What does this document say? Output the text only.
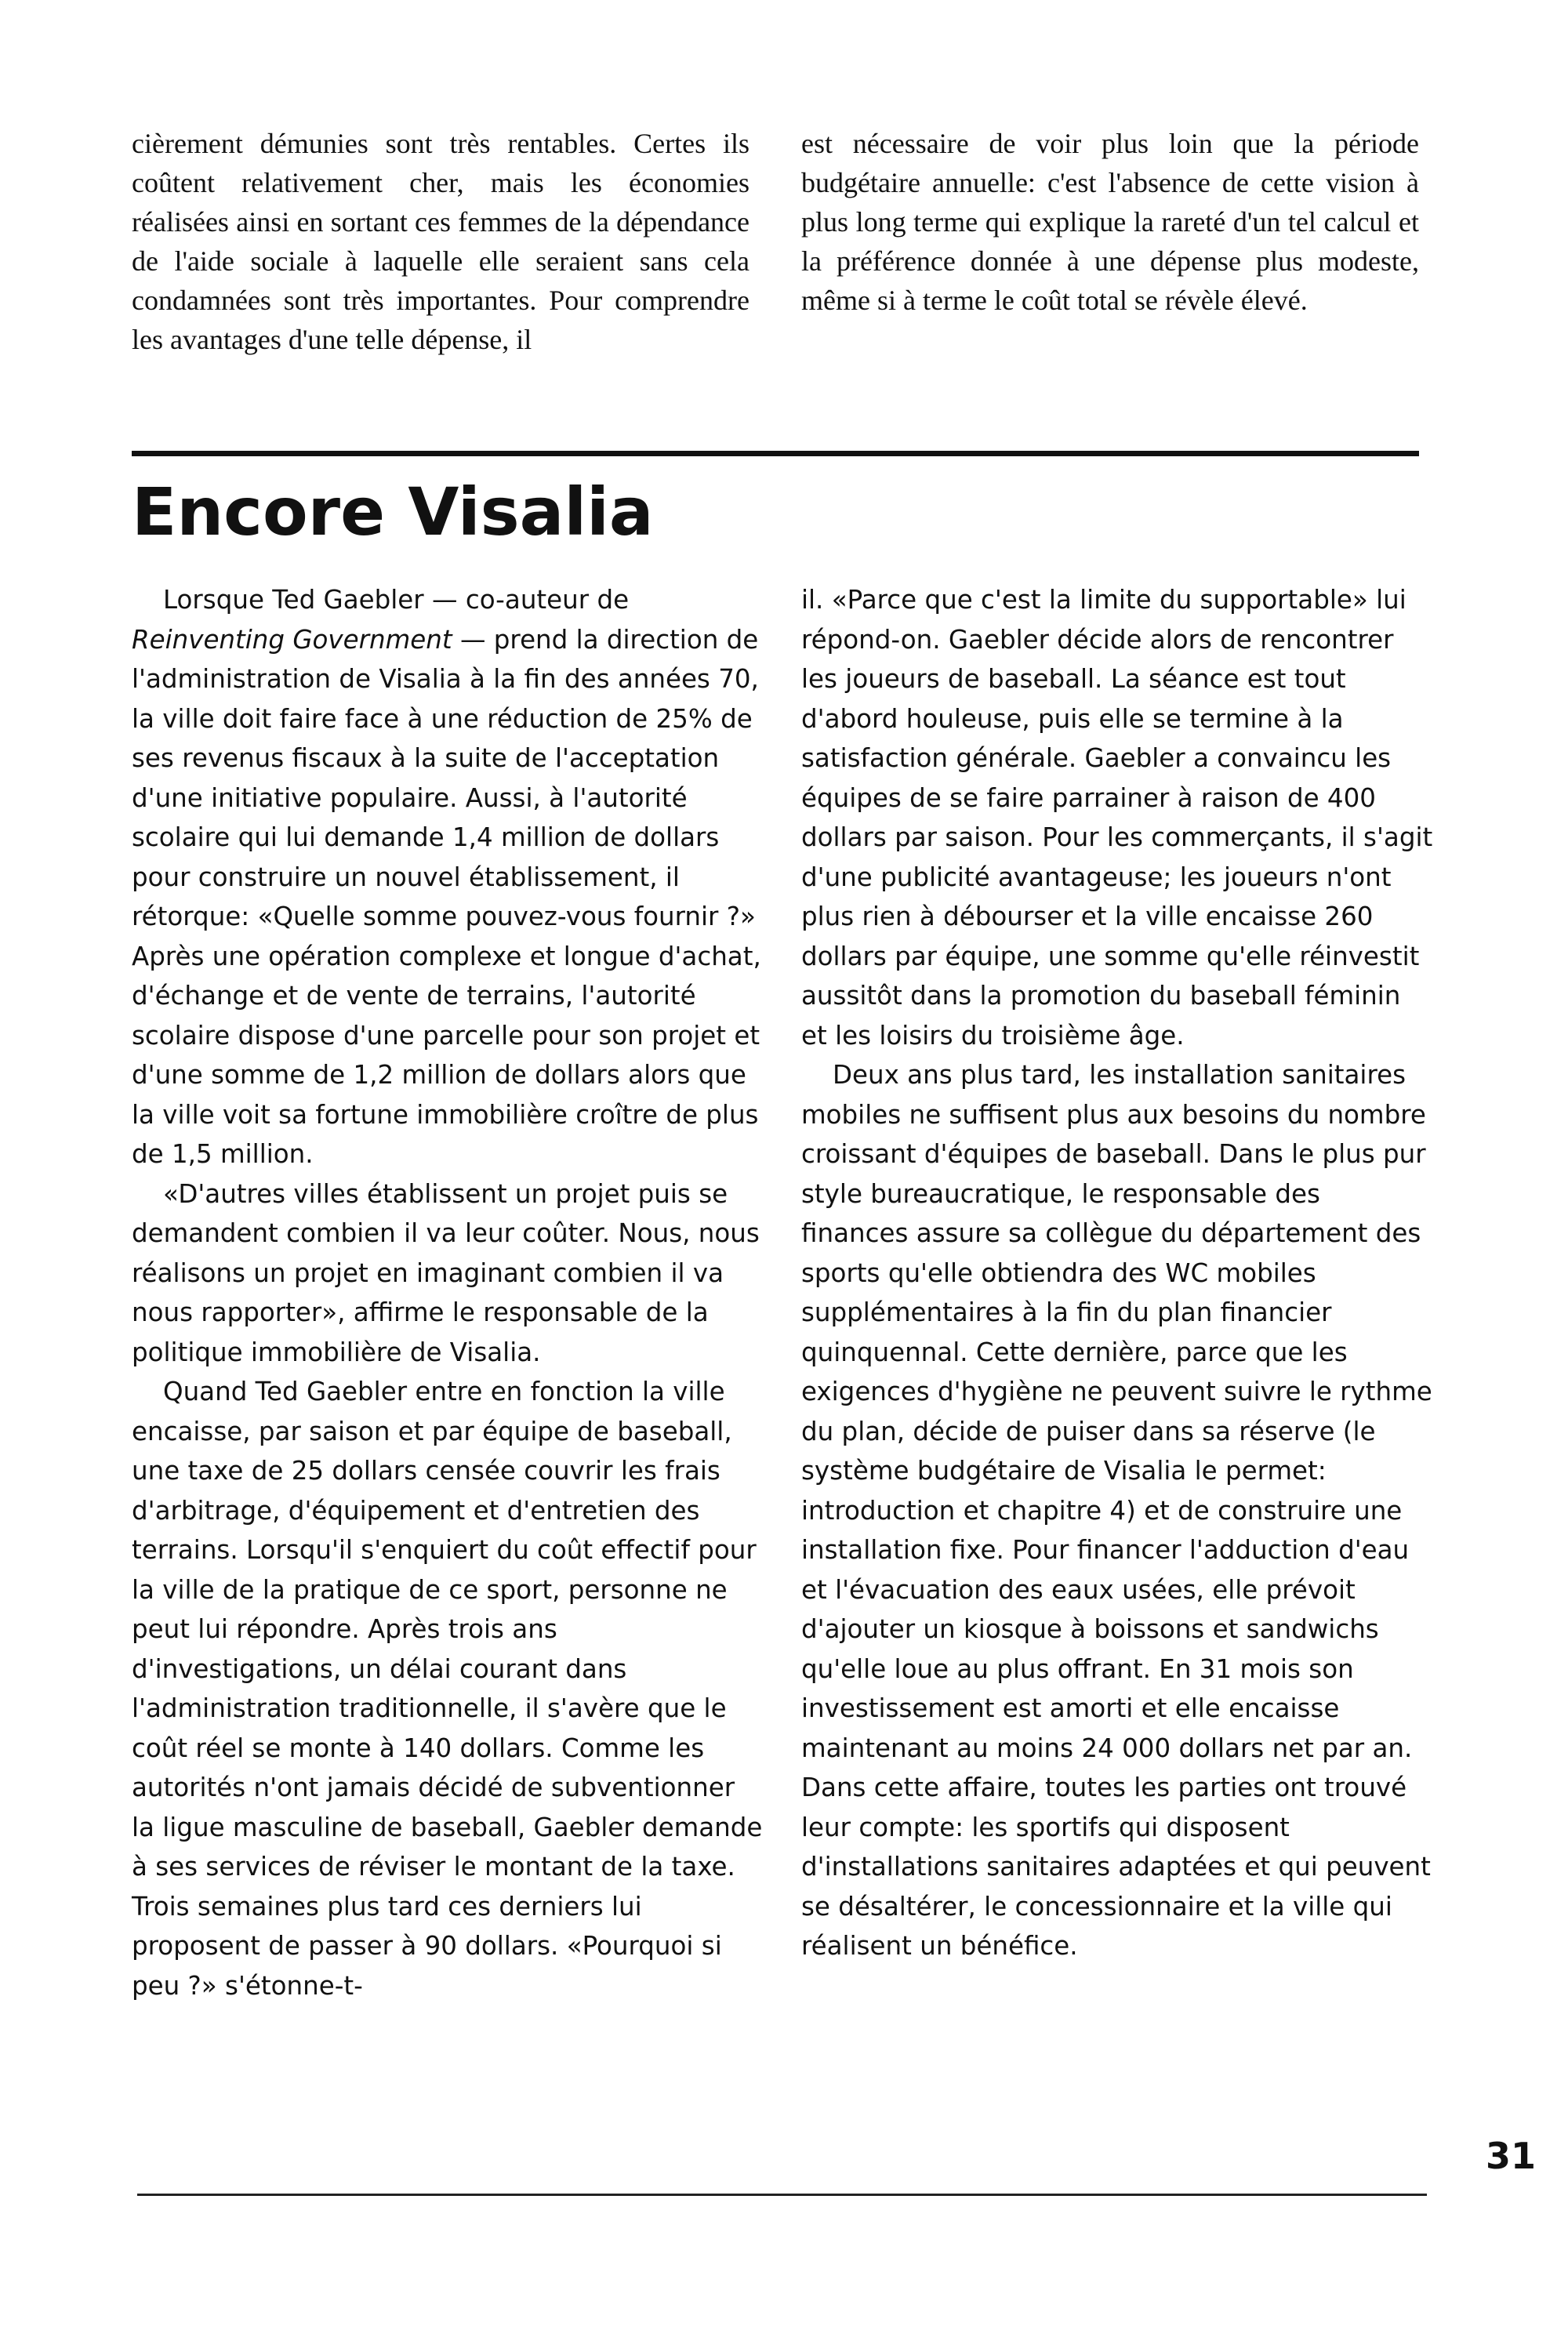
cièrement démunies sont très rentables. Certes ils coûtent relativement cher, mais les économies réalisées ainsi en sortant ces femmes de la dépendance de l'aide sociale à laquelle elle seraient sans cela condamnées sont très importantes. Pour comprendre les avantages d'une telle dépense, il

est nécessaire de voir plus loin que la période budgétaire annuelle: c'est l'absence de cette vision à plus long terme qui explique la rareté d'un tel calcul et la préférence donnée à une dépense plus modeste, même si à terme le coût total se révèle élevé.

Encore Visalia

Lorsque Ted Gaebler — co-auteur de Reinventing Government — prend la direction de l'administration de Visalia à la fin des années 70, la ville doit faire face à une réduction de 25% de ses revenus fiscaux à la suite de l'acceptation d'une initiative populaire. Aussi, à l'autorité scolaire qui lui demande 1,4 million de dollars pour construire un nouvel établissement, il rétorque: «Quelle somme pouvez-vous fournir ?» Après une opération complexe et longue d'achat, d'échange et de vente de terrains, l'autorité scolaire dispose d'une parcelle pour son projet et d'une somme de 1,2 million de dollars alors que la ville voit sa fortune immobilière croître de plus de 1,5 million.

«D'autres villes établissent un projet puis se demandent combien il va leur coûter. Nous, nous réalisons un projet en imaginant combien il va nous rapporter», affirme le responsable de la politique immobilière de Visalia.

Quand Ted Gaebler entre en fonction la ville encaisse, par saison et par équipe de baseball, une taxe de 25 dollars censée couvrir les frais d'arbitrage, d'équipement et d'entretien des terrains. Lorsqu'il s'enquiert du coût effectif pour la ville de la pratique de ce sport, personne ne peut lui répondre. Après trois ans d'investigations, un délai courant dans l'administration traditionnelle, il s'avère que le coût réel se monte à 140 dollars. Comme les autorités n'ont jamais décidé de subventionner la ligue masculine de baseball, Gaebler demande à ses services de réviser le montant de la taxe. Trois semaines plus tard ces derniers lui proposent de passer à 90 dollars. «Pourquoi si peu ?» s'étonne-t-

il. «Parce que c'est la limite du supportable» lui répond-on. Gaebler décide alors de rencontrer les joueurs de baseball. La séance est tout d'abord houleuse, puis elle se termine à la satisfaction générale. Gaebler a convaincu les équipes de se faire parrainer à raison de 400 dollars par saison. Pour les commerçants, il s'agit d'une publicité avantageuse; les joueurs n'ont plus rien à débourser et la ville encaisse 260 dollars par équipe, une somme qu'elle réinvestit aussitôt dans la promotion du baseball féminin et les loisirs du troisième âge.

Deux ans plus tard, les installation sanitaires mobiles ne suffisent plus aux besoins du nombre croissant d'équipes de baseball. Dans le plus pur style bureaucratique, le responsable des finances assure sa collègue du département des sports qu'elle obtiendra des WC mobiles supplémentaires à la fin du plan financier quinquennal. Cette dernière, parce que les exigences d'hygiène ne peuvent suivre le rythme du plan, décide de puiser dans sa réserve (le système budgétaire de Visalia le permet: introduction et chapitre 4) et de construire une installation fixe. Pour financer l'adduction d'eau et l'évacuation des eaux usées, elle prévoit d'ajouter un kiosque à boissons et sandwichs qu'elle loue au plus offrant. En 31 mois son investissement est amorti et elle encaisse maintenant au moins 24 000 dollars net par an. Dans cette affaire, toutes les parties ont trouvé leur compte: les sportifs qui disposent d'installations sanitaires adaptées et qui peuvent se désaltérer, le concessionnaire et la ville qui réalisent un bénéfice.

31
